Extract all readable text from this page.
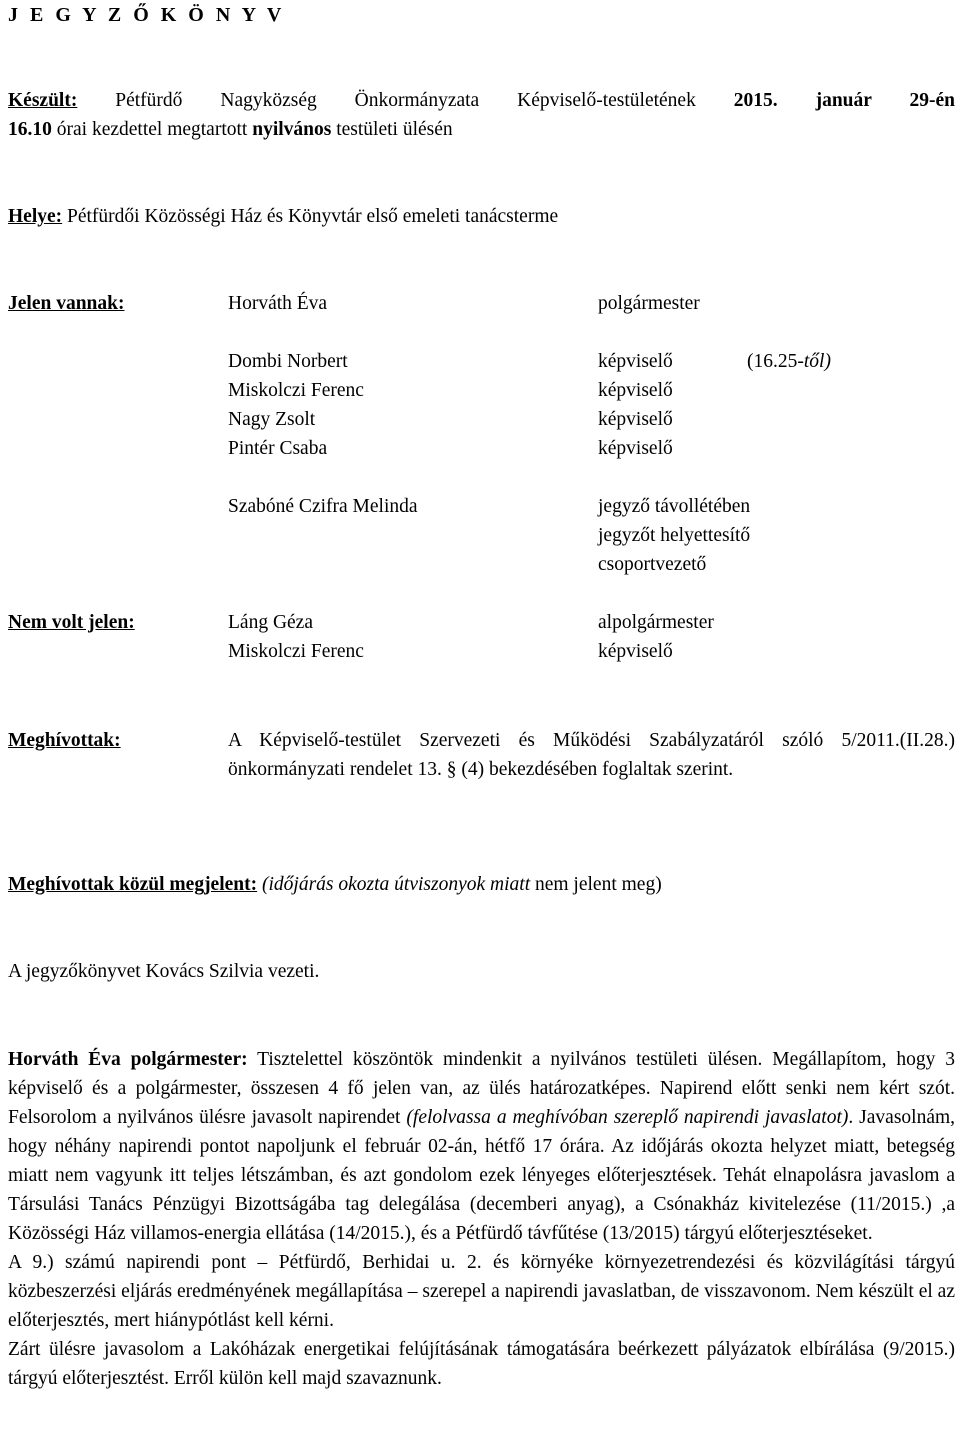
J E G Y Z Ő K Ö N Y V
Készült: Pétfürdő Nagyközség Önkormányzata Képviselő-testületének 2015. január 29-én
16.10 órai kezdettel megtartott nyilvános testületi ülésén
Helye: Pétfürdői Közösségi Ház és Könyvtár első emeleti tanácsterme
Jelen vannak:	Horváth Éva	polgármester
Dombi Norbert	képviselő	(16.25-től)
Miskolczi Ferenc	képviselő
Nagy Zsolt	képviselő
Pintér Csaba	képviselő
Szabóné Czifra Melinda	jegyző távollétében
jegyzőt helyettesítő
csoportvezető
Nem volt jelen:	Láng Géza	alpolgármester
Miskolczi Ferenc	képviselő
Meghívottak:	A Képviselő-testület Szervezeti és Működési Szabályzatáról szóló 5/2011.(II.28.) önkormányzati rendelet 13. § (4) bekezdésében foglaltak szerint.
Meghívottak közül megjelent: (időjárás okozta útviszonyok miatt nem jelent meg)
A jegyzőkönyvet Kovács Szilvia vezeti.

Horváth Éva polgármester: Tisztelettel köszöntök mindenkit a nyilvános testületi ülésen. Megállapítom, hogy 3 képviselő és a polgármester, összesen 4 fő jelen van, az ülés határozatképes. Napirend előtt senki nem kért szót. Felsorolom a nyilvános ülésre javasolt napirendet (felolvassa a meghívóban szereplő napirendi javaslatot). Javasolnám, hogy néhány napirendi pontot napoljunk el február 02-án, hétfő 17 órára. Az időjárás okozta helyzet miatt, betegség miatt nem vagyunk itt teljes létszámban, és azt gondolom ezek lényeges előterjesztések. Tehát elnapolásra javaslom a Társulási Tanács Pénzügyi Bizottságába tag delegálása (decemberi anyag), a Csónakház kivitelezése (11/2015.) ,a Közösségi Ház villamos-energia ellátása (14/2015.), és a Pétfürdő távfűtése (13/2015) tárgyú előterjesztéseket.

A 9.) számú napirendi pont – Pétfürdő, Berhidai u. 2. és környéke környezetrendezési és közvilágítási tárgyú közbeszerzési eljárás eredményének megállapítása – szerepel a napirendi javaslatban, de visszavonom. Nem készült el az előterjesztés, mert hiánypótlást kell kérni.

Zárt ülésre javasolom a Lakóházak energetikai felújításának támogatására beérkezett pályázatok elbírálása (9/2015.) tárgyú előterjesztést. Erről külön kell majd szavaznunk.
